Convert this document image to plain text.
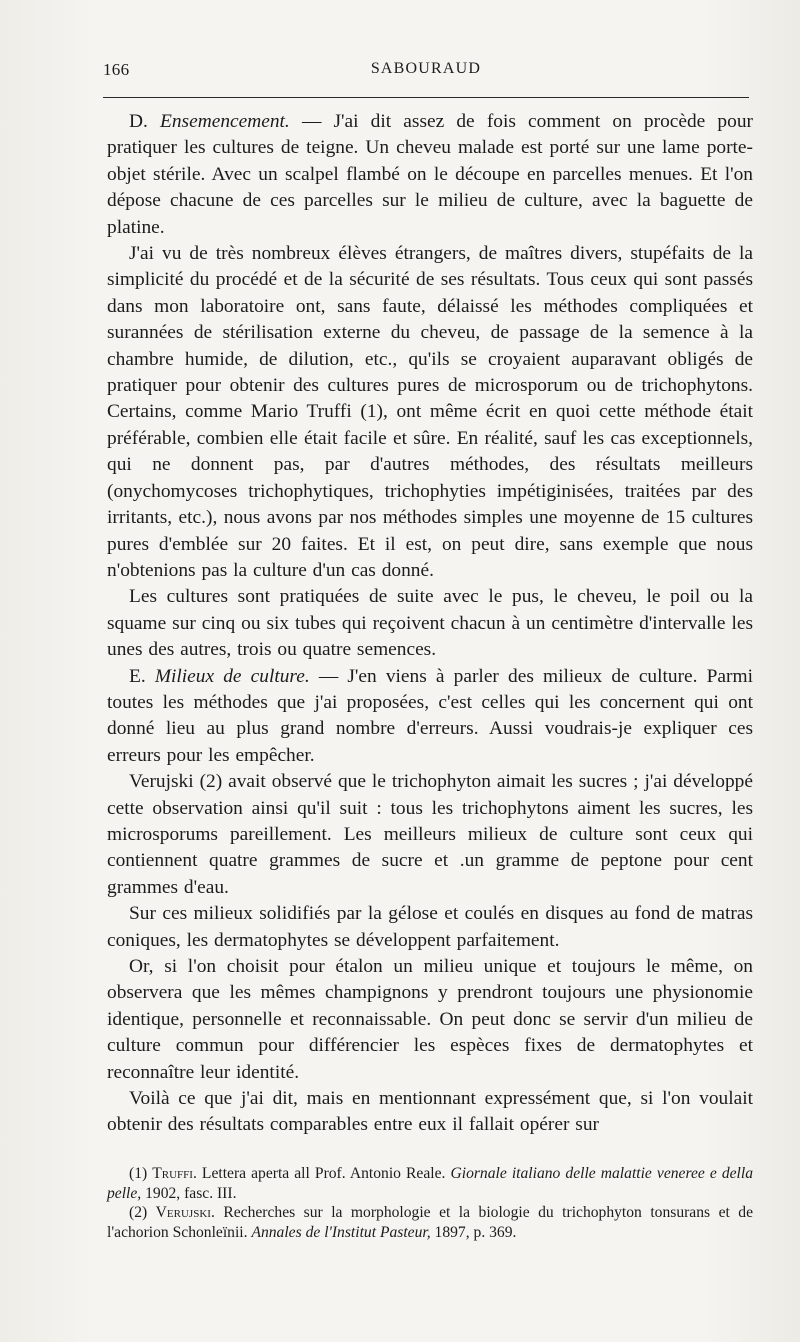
166	SABOURAUD

D. Ensemencement. — J'ai dit assez de fois comment on procède pour pratiquer les cultures de teigne. Un cheveu malade est porté sur une lame porte-objet stérile. Avec un scalpel flambé on le découpe en parcelles menues. Et l'on dépose chacune de ces parcelles sur le milieu de culture, avec la baguette de platine.

J'ai vu de très nombreux élèves étrangers, de maîtres divers, stupéfaits de la simplicité du procédé et de la sécurité de ses résultats. Tous ceux qui sont passés dans mon laboratoire ont, sans faute, délaissé les méthodes compliquées et surannées de stérilisation externe du cheveu, de passage de la semence à la chambre humide, de dilution, etc., qu'ils se croyaient auparavant obligés de pratiquer pour obtenir des cultures pures de microsporum ou de trichophytons. Certains, comme Mario Truffi (1), ont même écrit en quoi cette méthode était préférable, combien elle était facile et sûre. En réalité, sauf les cas exceptionnels, qui ne donnent pas, par d'autres méthodes, des résultats meilleurs (onychomycoses trichophytiques, trichophyties impétiginisées, traitées par des irritants, etc.), nous avons par nos méthodes simples une moyenne de 15 cultures pures d'emblée sur 20 faites. Et il est, on peut dire, sans exemple que nous n'obtenions pas la culture d'un cas donné.

Les cultures sont pratiquées de suite avec le pus, le cheveu, le poil ou la squame sur cinq ou six tubes qui reçoivent chacun à un centimètre d'intervalle les unes des autres, trois ou quatre semences.

E. Milieux de culture. — J'en viens à parler des milieux de culture. Parmi toutes les méthodes que j'ai proposées, c'est celles qui les concernent qui ont donné lieu au plus grand nombre d'erreurs. Aussi voudrais-je expliquer ces erreurs pour les empêcher.

Verujski (2) avait observé que le trichophyton aimait les sucres ; j'ai développé cette observation ainsi qu'il suit : tous les trichophytons aiment les sucres, les microsporums pareillement. Les meilleurs milieux de culture sont ceux qui contiennent quatre grammes de sucre et .un gramme de peptone pour cent grammes d'eau.

Sur ces milieux solidifiés par la gélose et coulés en disques au fond de matras coniques, les dermatophytes se développent parfaitement.

Or, si l'on choisit pour étalon un milieu unique et toujours le même, on observera que les mêmes champignons y prendront toujours une physionomie identique, personnelle et reconnaissable. On peut donc se servir d'un milieu de culture commun pour différencier les espèces fixes de dermatophytes et reconnaître leur identité.

Voilà ce que j'ai dit, mais en mentionnant expressément que, si l'on voulait obtenir des résultats comparables entre eux il fallait opérer sur

(1) Truffi. Lettera aperta all Prof. Antonio Reale. Giornale italiano delle malattie veneree e della pelle, 1902, fasc. III.

(2) Verujski. Recherches sur la morphologie et la biologie du trichophyton tonsurans et de l'achorion Schonleïnii. Annales de l'Institut Pasteur, 1897, p. 369.
